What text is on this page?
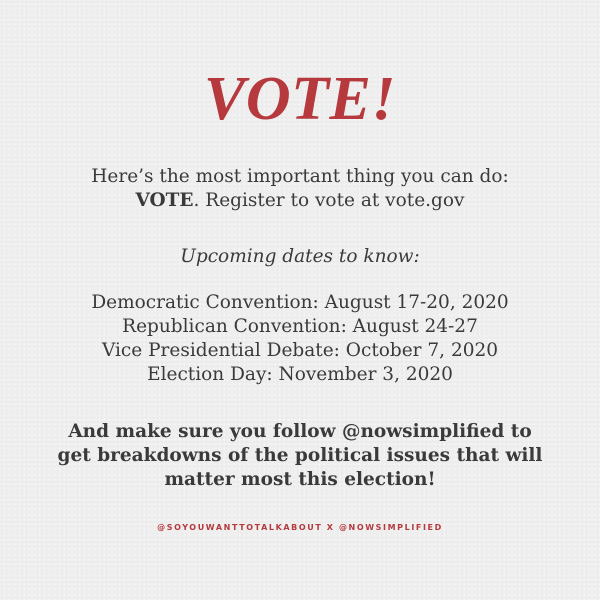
VOTE!
Here’s the most important thing you can do:
VOTE. Register to vote at vote.gov
Upcoming dates to know:
Democratic Convention: August 17-20, 2020
Republican Convention: August 24-27
Vice Presidential Debate: October 7, 2020
Election Day: November 3, 2020
And make sure you follow @nowsimplified to
get breakdowns of the political issues that will
matter most this election!
@SOYOUWANTTOTALKABOUT X @NOWSIMPLIFIED
